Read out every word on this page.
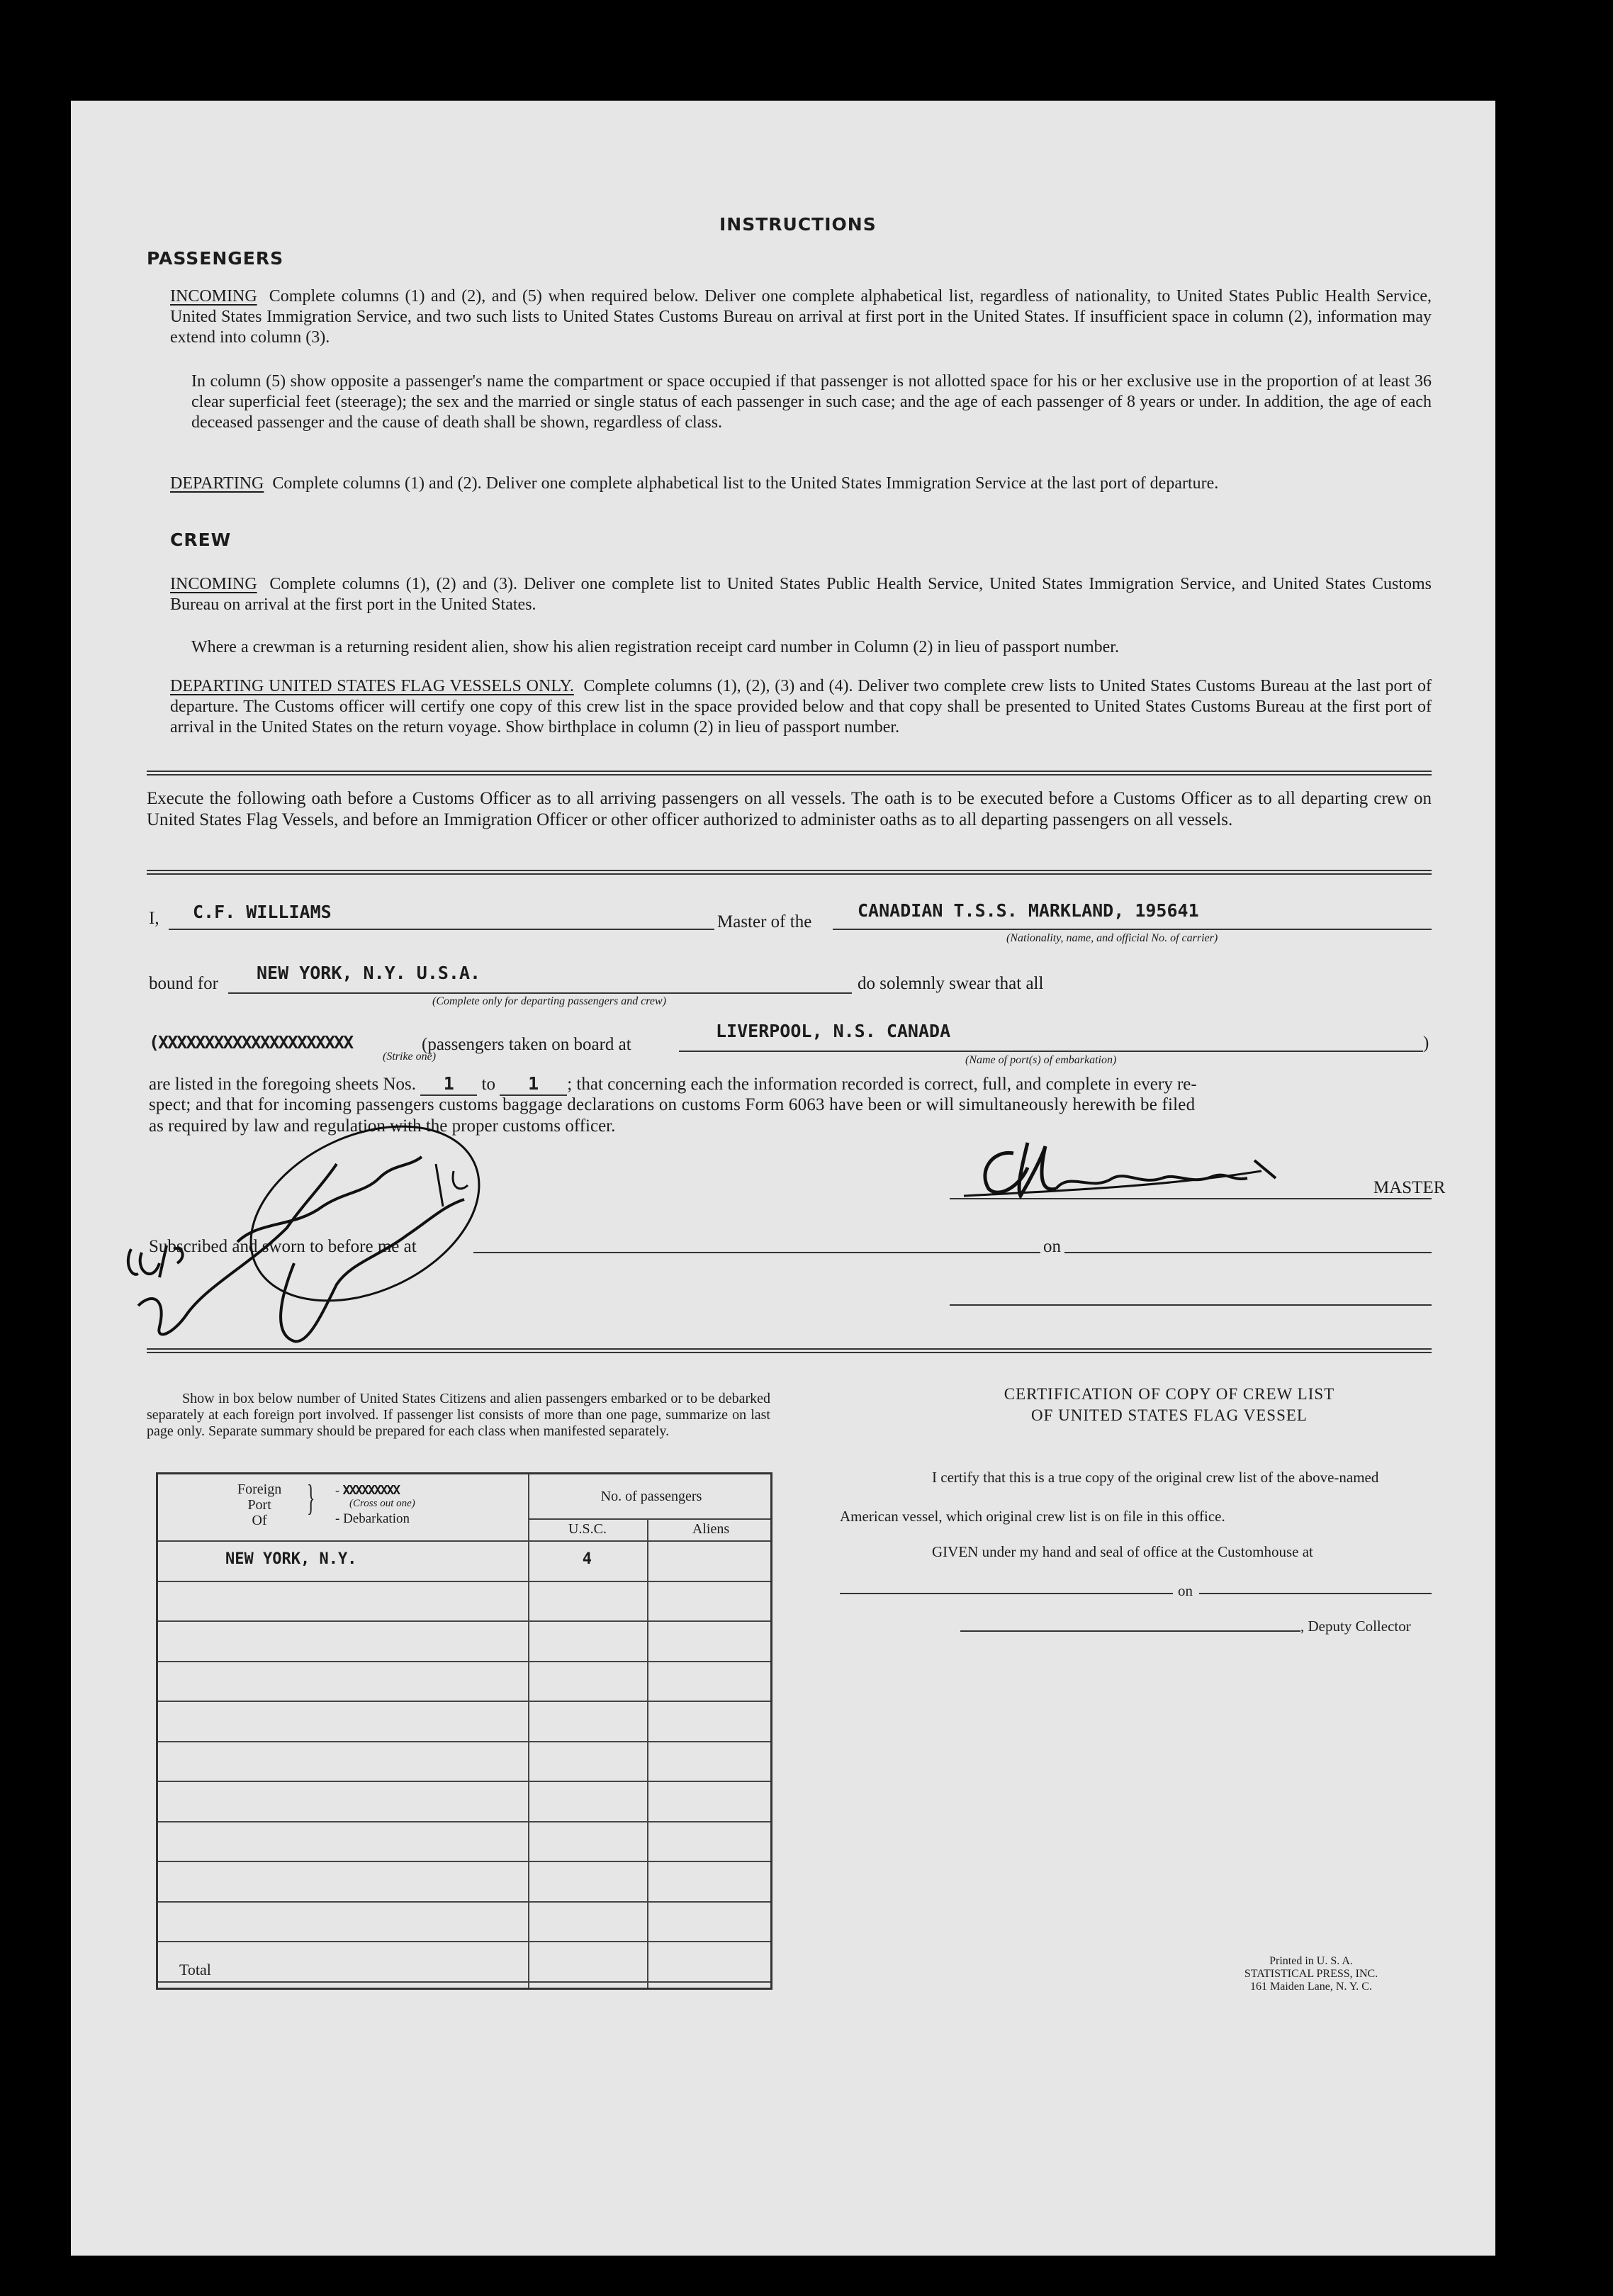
INSTRUCTIONS
PASSENGERS
INCOMING Complete columns (1) and (2), and (5) when required below. Deliver one complete alphabetical list, regardless of nationality, to United States Public Health Service, United States Immigration Service, and two such lists to United States Customs Bureau on arrival at first port in the United States. If insufficient space in column (2), information may extend into column (3).
In column (5) show opposite a passenger's name the compartment or space occupied if that passenger is not allotted space for his or her exclusive use in the proportion of at least 36 clear superficial feet (steerage); the sex and the married or single status of each passenger in such case; and the age of each passenger of 8 years or under. In addition, the age of each deceased passenger and the cause of death shall be shown, regardless of class.
DEPARTING Complete columns (1) and (2). Deliver one complete alphabetical list to the United States Immigration Service at the last port of departure.
CREW
INCOMING Complete columns (1), (2) and (3). Deliver one complete list to United States Public Health Service, United States Immigration Service, and United States Customs Bureau on arrival at the first port in the United States.
Where a crewman is a returning resident alien, show his alien registration receipt card number in Column (2) in lieu of passport number.
DEPARTING UNITED STATES FLAG VESSELS ONLY. Complete columns (1), (2), (3) and (4). Deliver two complete crew lists to United States Customs Bureau at the last port of departure. The Customs officer will certify one copy of this crew list in the space provided below and that copy shall be presented to United States Customs Bureau at the first port of arrival in the United States on the return voyage. Show birthplace in column (2) in lieu of passport number.
Execute the following oath before a Customs Officer as to all arriving passengers on all vessels. The oath is to be executed before a Customs Officer as to all departing crew on United States Flag Vessels, and before an Immigration Officer or other officer authorized to administer oaths as to all departing passengers on all vessels.
I, C.F. WILLIAMS	Master of the
CANADIAN T.S.S. MARKLAND, 195641
(Nationality, name, and official No. of carrier)
bound for
NEW YORK, N.Y. U.S.A.
(Complete only for departing passengers and crew)
do solemnly swear that all
(XXXXXXXXXXXXXXXXXXXXX
(Strike one)
(passengers taken on board at
LIVERPOOL, N.S. CANADA
(Name of port(s) of embarkation)
)
are listed in the foregoing sheets Nos. 1 to 1 ; that concerning each the information recorded is correct, full, and complete in every re-
spect; and that for incoming passengers customs baggage declarations on customs Form 6063 have been or will simultaneously herewith be filed
as required by law and regulation with the proper customs officer.
MASTER
Subscribed and sworn to before me at	on
Show in box below number of United States Citizens and alien passengers embarked or to be debarked separately at each foreign port involved. If passenger list consists of more than one page, summarize on last page only. Separate summary should be prepared for each class when manifested separately.
Foreign
Port
Of
} - XXXXXXXXX
(Cross out one)
- Debarkation
No. of passengers
U.S.C.	Aliens
NEW YORK, N.Y.	4
Total
CERTIFICATION OF COPY OF CREW LIST
OF UNITED STATES FLAG VESSEL
I certify that this is a true copy of the original crew list of the above-named
American vessel, which original crew list is on file in this office.
GIVEN under my hand and seal of office at the Customhouse at
on
, Deputy Collector
Printed in U. S. A.
STATISTICAL PRESS, INC.
161 Maiden Lane, N. Y. C.
